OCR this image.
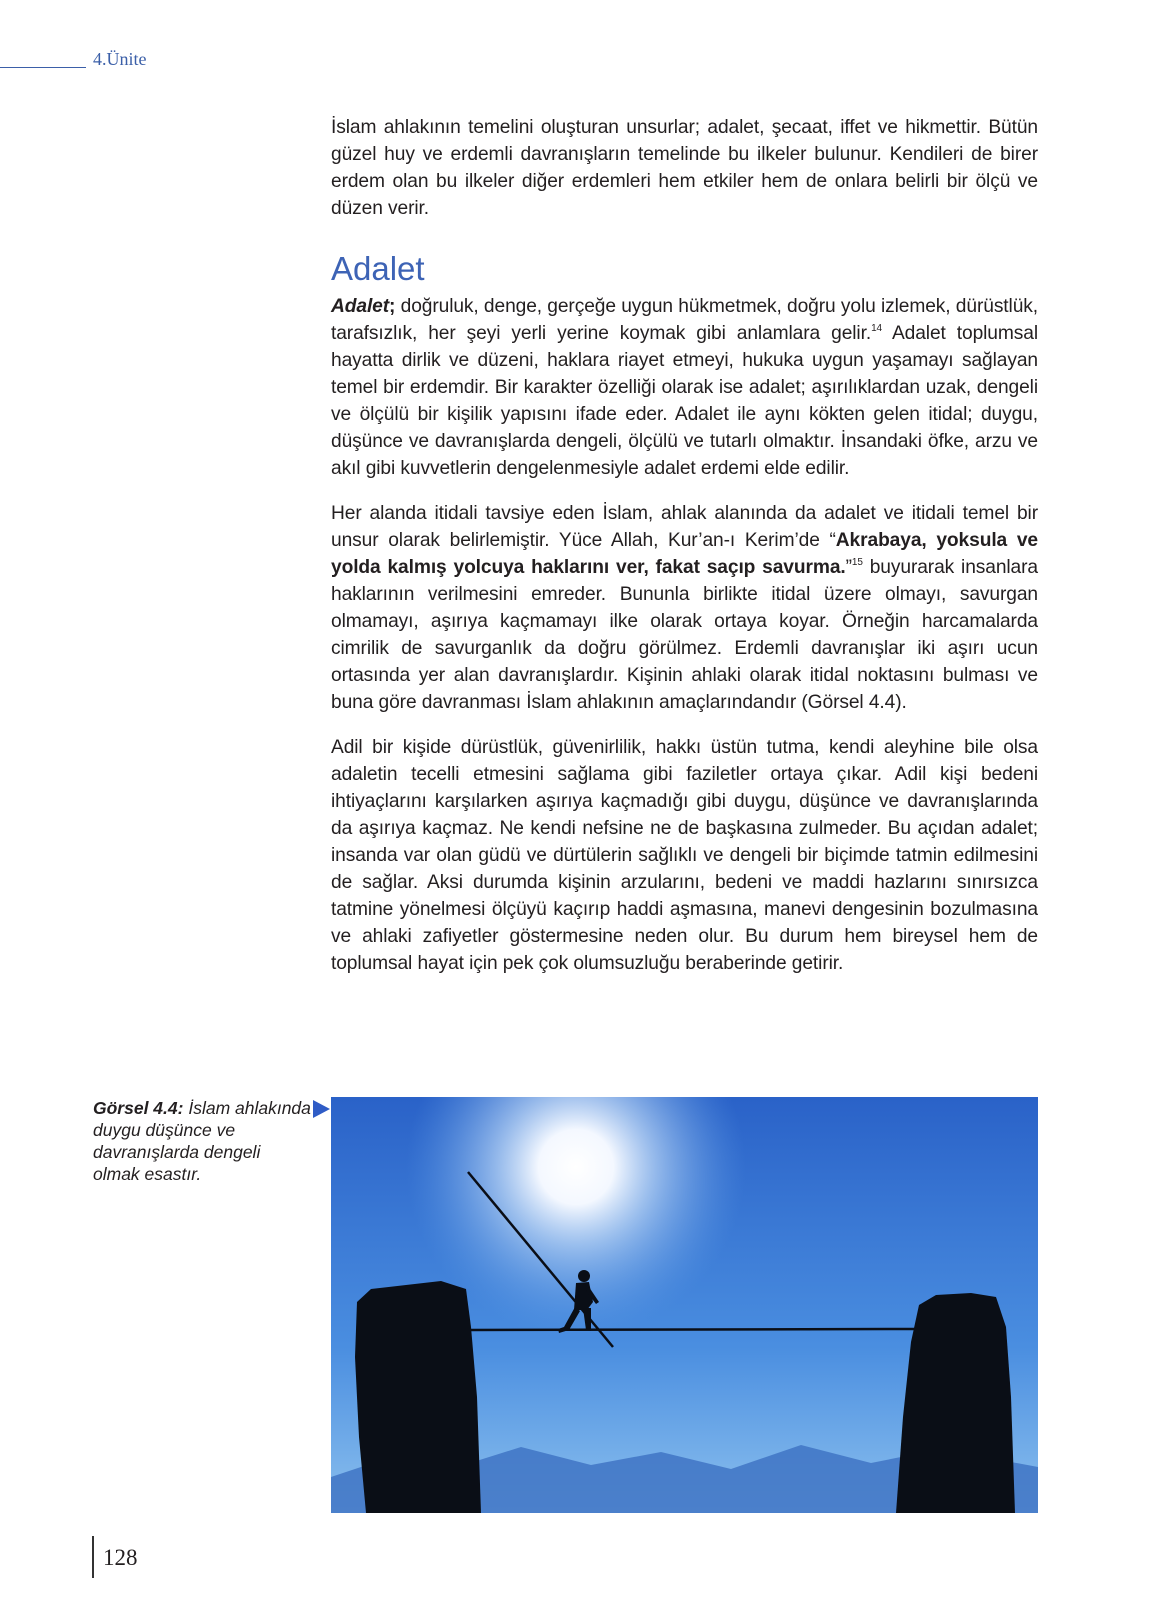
4.Ünite

İslam ahlakının temelini oluşturan unsurlar; adalet, şecaat, iffet ve hikmettir. Bütün güzel huy ve erdemli davranışların temelinde bu ilkeler bulunur. Kendileri de birer erdem olan bu ilkeler diğer erdemleri hem etkiler hem de onlara belirli bir ölçü ve düzen verir.

Adalet

Adalet; doğruluk, denge, gerçeğe uygun hükmetmek, doğru yolu izlemek, dürüstlük, tarafsızlık, her şeyi yerli yerine koymak gibi anlamlara gelir.$^{14}$ Adalet toplumsal hayatta dirlik ve düzeni, haklara riayet etmeyi, hukuka uygun yaşamayı sağlayan temel bir erdemdir. Bir karakter özelliği olarak ise adalet; aşırılıklardan uzak, dengeli ve ölçülü bir kişilik yapısını ifade eder. Adalet ile aynı kökten gelen itidal; duygu, düşünce ve davranışlarda dengeli, ölçülü ve tutarlı olmaktır. İnsandaki öfke, arzu ve akıl gibi kuvvetlerin dengelenmesiyle adalet erdemi elde edilir.

Her alanda itidali tavsiye eden İslam, ahlak alanında da adalet ve itidali temel bir unsur olarak belirlemiştir. Yüce Allah, Kur’an-ı Kerim’de “Akrabaya, yoksula ve yolda kalmış yolcuya haklarını ver, fakat saçıp savurma.”$^{15}$ buyurarak insanlara haklarının verilmesini emreder. Bununla birlikte itidal üzere olmayı, savurgan olmamayı, aşırıya kaçmamayı ilke olarak ortaya koyar. Örneğin harcamalarda cimrilik de savurganlık da doğru görülmez. Erdemli davranışlar iki aşırı ucun ortasında yer alan davranışlardır. Kişinin ahlaki olarak itidal noktasını bulması ve buna göre davranması İslam ahlakının amaçlarındandır (Görsel 4.4).

Adil bir kişide dürüstlük, güvenirlilik, hakkı üstün tutma, kendi aleyhine bile olsa adaletin tecelli etmesini sağlama gibi faziletler ortaya çıkar. Adil kişi bedeni ihtiyaçlarını karşılarken aşırıya kaçmadığı gibi duygu, düşünce ve davranışlarında da aşırıya kaçmaz. Ne kendi nefsine ne de başkasına zulmeder. Bu açıdan adalet; insanda var olan güdü ve dürtülerin sağlıklı ve dengeli bir biçimde tatmin edilmesini de sağlar. Aksi durumda kişinin arzularını, bedeni ve maddi hazlarını sınırsızca tatmine yönelmesi ölçüyü kaçırıp haddi aşmasına, manevi dengesinin bozulmasına ve ahlaki zafiyetler göstermesine neden olur. Bu durum hem bireysel hem de toplumsal hayat için pek çok olumsuzluğu beraberinde getirir.

Görsel 4.4: İslam ahlakında duygu düşünce ve davranışlarda dengeli olmak esastır.
128
